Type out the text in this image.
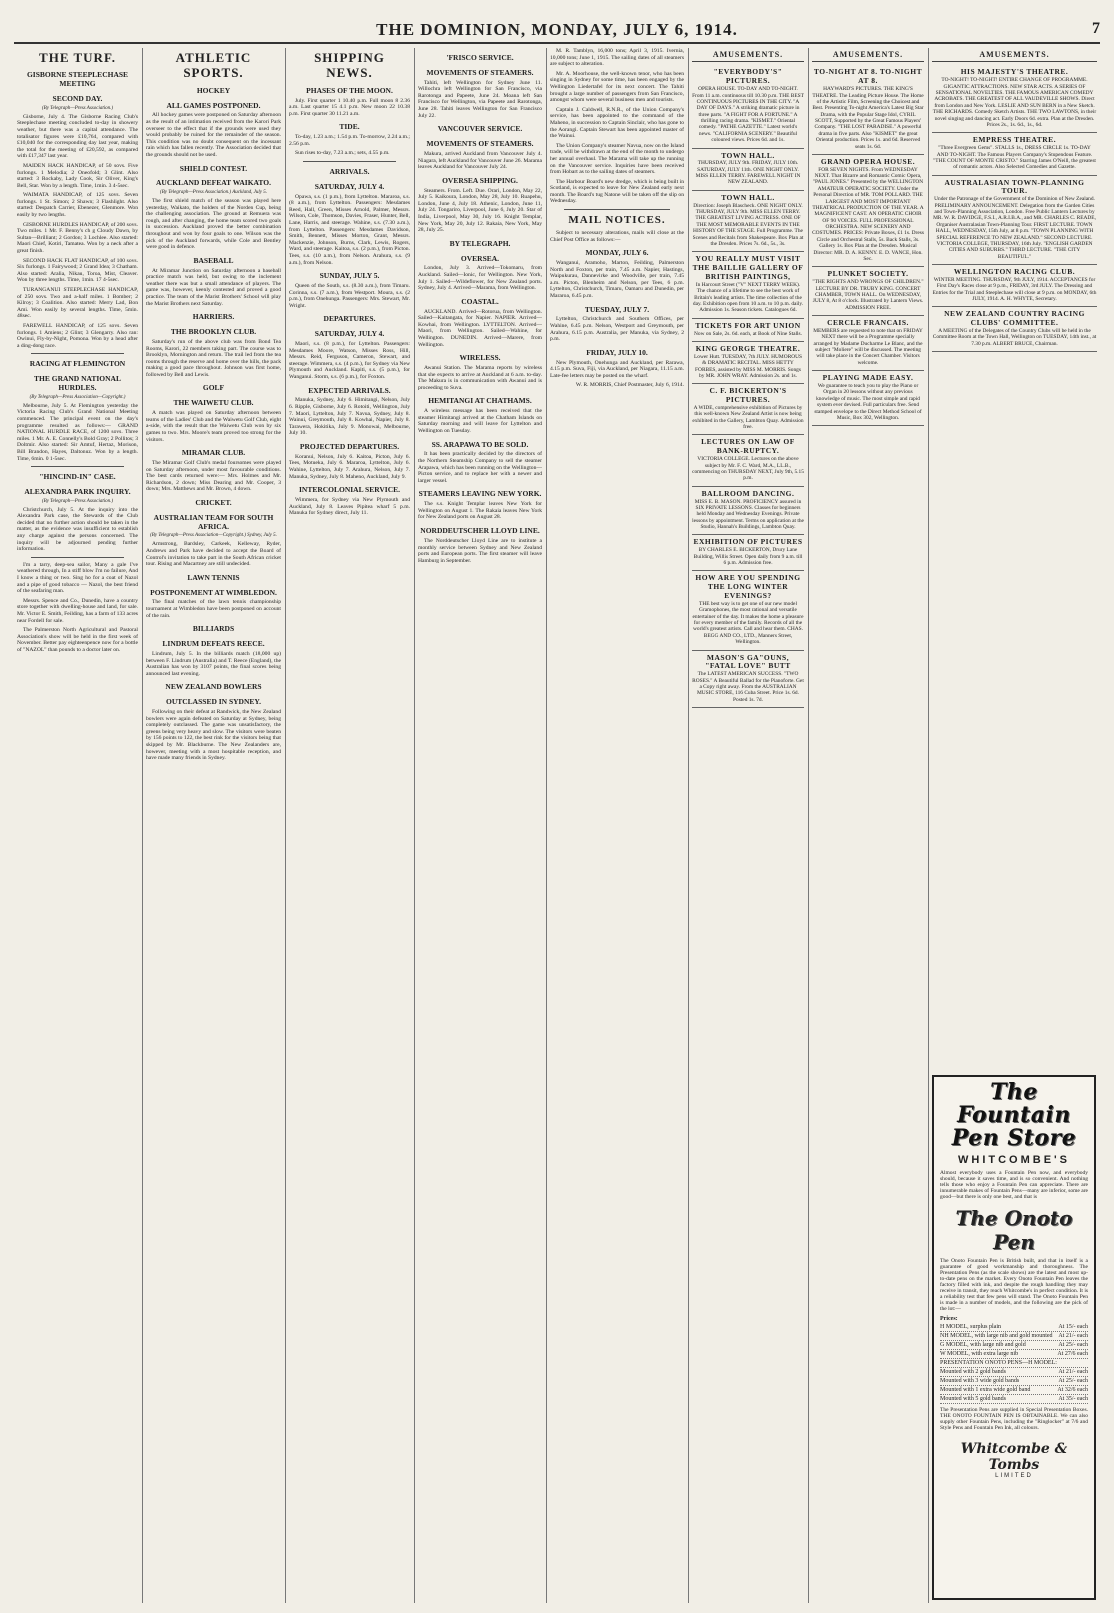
THE DOMINION, MONDAY, JULY 6, 1914.	7
THE TURF.
GISBORNE STEEPLECHASE MEETING
SECOND DAY.
(By Telegraph—Press Association.)

Gisborne, July 4. The Gisborne Racing Club's Steeplechase meeting concluded to-day in showery weather, but there was a capital attendance. The totalisator figures were £10,764, compared with £10,040 for the corresponding day last year, making the total for the meeting of £20,592, as compared with £17,347 last year.

MAIDEN HACK HANDICAP, of 50 sovs. Five furlongs. 1 Melodia; 2 Oneofold; 3 Glint. Also started: 3 Rockaby, Lady Cook, Sir Oliver, King's Bell, Star. Won by a length. Time, 1min. 3 4-5sec.

WAIMATA HANDICAP, of 125 sovs. Seven furlongs. 1 St. Simon; 2 Shawn; 3 Flashlight. Also started: Despatch Carrier, Ebenezer, Glenmore. Won easily by two lengths.

GISBORNE HURDLES HANDICAP, of 200 sovs. Two miles. 1 Mr. F. Benny's ch g Cloudy Dawn, by Sultan—Brilliant; 2 Gordon; 3 Lochlee. Also started: Maori Chief, Kotiri, Tamatea. Won by a neck after a great finish.

SECOND HACK FLAT HANDICAP, of 100 sovs. Six furlongs. 1 Fairywood; 2 Grand Idea; 3 Chatham. Also started: Aralia, Nikau, Toroa, Mist, Cleaver. Won by three lengths. Time, 1min. 17 4-5sec.

TURANGANUI STEEPLECHASE HANDICAP, of 250 sovs. Two and a-half miles. 1 Bomber; 2 Kilroy; 3 Coalition. Also started: Merry Lad, Bon Ami. Won easily by several lengths. Time, 5min. 48sec.

FAREWELL HANDICAP, of 125 sovs. Seven furlongs. 1 Amiens; 2 Glint; 3 Glengarry. Also ran: Owinui, Fly-by-Night, Pomona. Won by a head after a ding-dong race.

RACING AT FLEMINGTON
THE GRAND NATIONAL HURDLES.
(By Telegraph—Press Association—Copyright.)

Melbourne, July 5. At Flemington yesterday the Victoria Racing Club's Grand National Meeting commenced. The principal event on the day's programme resulted as follows:— GRAND NATIONAL HURDLE RACE, of 1200 sovs. Three miles. 1 Mr. A. E. Connelly's Bold Gray; 2 Pollitos; 3 Doltmir. Also started: Sir Amtuf, Hertaz, Morison, Bill Brandon, Hayes, Daltonuz. Won by a length. Time, 6min. 0 1-5sec.

"HINCIND-IN" CASE.
ALEXANDRA PARK INQUIRY.
(By Telegraph—Press Association.)

Christchurch, July 5. At the inquiry into the Alexandra Park case, the Stewards of the Club decided that no further action should be taken in the matter, as the evidence was insufficient to establish any charge against the persons concerned. The inquiry will be adjourned pending further information.

I'm a tarry, deep-sea sailor, Many a gale I've weathered through, In a stiff blow I'm no failure, And I know a thing or two. Sing ho for a coat of Nazol and a pipe of good tobacco — Nazol, the best friend of the seafaring man.

Messrs. Spence and Co., Dunedin, have a country store together with dwelling-house and land, for sale. Mr. Victor E. Smith, Feilding, has a farm of 133 acres near Fordell for sale.

The Palmerston North Agricultural and Pastoral Association's show will be held in the first week of November. Better pay eighteenpence now for a bottle of "NAZOL" than pounds to a doctor later on.

ATHLETIC SPORTS.
HOCKEY
ALL GAMES POSTPONED.

All hockey games were postponed on Saturday afternoon as the result of an intimation received from the Karori Park overseer to the effect that if the grounds were used they would probably be ruined for the remainder of the season. This condition was no doubt consequent on the incessant rain which has fallen recently. The Association decided that the grounds should not be used.

SHIELD CONTEST.
AUCKLAND DEFEAT WAIKATO.
(By Telegraph—Press Association.) Auckland, July 5.

The first shield match of the season was played here yesterday, Waikato, the holders of the Norden Cup, being the challenging association. The ground at Remuera was rough, and after changing, the home team scored two goals in succession. Auckland proved the better combination throughout and won by four goals to one. Wilson was the pick of the Auckland forwards, while Cole and Bentley were good in defence.

BASEBALL

At Miramar Junction on Saturday afternoon a baseball practice match was held, but owing to the inclement weather there was but a small attendance of players. The game was, however, keenly contested and proved a good practice. The team of the Marist Brothers' School will play the Marist Brothers next Saturday.

HARRIERS.
THE BROOKLYN CLUB.

Saturday's run of the above club was from Bond Tea Rooms, Karori, 22 members taking part. The course was to Brooklyn, Mornington and return. The trail led from the tea rooms through the reserve and home over the hills, the pack making a good pace throughout. Johnson was first home, followed by Bell and Lewis.

GOLF
THE WAIWETU CLUB.

A match was played on Saturday afternoon between teams of the Ladies' Club and the Waiwetu Golf Club, eight a-side, with the result that the Waiwetu Club won by six games to two. Mrs. Moore's team proved too strong for the visitors.

MIRAMAR CLUB.

The Miramar Golf Club's medal foursomes were played on Saturday afternoon, under most favourable conditions. The best cards returned were:— Mrs. Holmes and Mr. Richardson, 2 down; Miss Dearing and Mr. Cooper, 3 down; Mrs. Matthews and Mr. Brown, 4 down.

CRICKET.
AUSTRALIAN TEAM FOR SOUTH AFRICA.
(By Telegraph—Press Association—Copyright.) Sydney, July 5.

Armstrong, Bardsley, Carkeek, Kelleway, Ryder, Andrews and Park have decided to accept the Board of Control's invitation to take part in the South African cricket tour. Rising and Macartney are still undecided.

LAWN TENNIS
POSTPONEMENT AT WIMBLEDON.

The final matches of the lawn tennis championship tournament at Wimbledon have been postponed on account of the rain.

BILLIARDS
LINDRUM DEFEATS REECE.

Lindrum, July 5. In the billiards match (18,000 up) between F. Lindrum (Australia) and T. Reece (England), the Australian has won by 3107 points, the final scores being announced last evening.

NEW ZEALAND BOWLERS
OUTCLASSED IN SYDNEY.

Following on their defeat at Randwick, the New Zealand bowlers were again defeated on Saturday at Sydney, being completely outclassed. The game was unsatisfactory, the greens being very heavy and slow. The visitors were beaten by 156 points to 122, the best rink for the visitors being that skipped by Mr. Blackburne. The New Zealanders are, however, meeting with a most hospitable reception, and have made many friends in Sydney.

SHIPPING NEWS.
PHASES OF THE MOON.

July. First quarter 1 10.40 p.m. Full moon 8 2.36 a.m. Last quarter 15 4.1 p.m. New moon 22 10.38 p.m. First quarter 30 11.21 a.m.

TIDE.

To-day, 1.23 a.m.; 1.54 p.m. To-morrow, 2.24 a.m.; 2.56 p.m.

Sun rises to-day, 7.23 a.m.; sets, 4.55 p.m.

ARRIVALS.
SATURDAY, JULY 4.

Opawa, s.s. (1 p.m.), from Lyttelton. Mararoa, s.s. (8 a.m.), from Lyttelton. Passengers: Mesdames Reed, Hall, Green, Misses Arnold, Palmer, Messrs. Wilson, Cole, Thomson, Davies, Fraser, Hunter, Bell, Lane, Harris, and steerage. Wahine, s.s. (7.30 a.m.), from Lyttelton. Passengers: Mesdames Davidson, Smith, Bennett, Misses Morton, Grant, Messrs. Mackenzie, Johnson, Burns, Clark, Lewis, Rogers, Ward, and steerage. Kaitoa, s.s. (2 p.m.), from Picton. Tees, s.s. (10 a.m.), from Nelson. Arahura, s.s. (9 a.m.), from Nelson.

SUNDAY, JULY 5.

Queen of the South, s.s. (8.30 a.m.), from Timaru. Corinna, s.s. (7 a.m.), from Westport. Moura, s.s. (2 p.m.), from Onehunga. Passengers: Mrs. Stewart, Mr. Wright.

DEPARTURES.
SATURDAY, JULY 4.

Maori, s.s. (8 p.m.), for Lyttelton. Passengers: Mesdames Moore, Watson, Misses Ross, Hill, Messrs. Reid, Ferguson, Cameron, Stewart, and steerage. Wimmera, s.s. (4 p.m.), for Sydney via New Plymouth and Auckland. Kapiti, s.s. (5 p.m.), for Wanganui. Storm, s.s. (6 p.m.), for Foxton.

EXPECTED ARRIVALS.

Manuka, Sydney, July 6. Himitangi, Nelson, July 6. Ripple, Gisborne, July 6. Rotoiti, Wellington, July 7. Maori, Lyttelton, July 7. Navua, Sydney, July 8. Wainui, Greymouth, July 8. Kowhai, Napier, July 8. Tarawera, Hokitika, July 9. Monowai, Melbourne, July 10.

PROJECTED DEPARTURES.

Koranui, Nelson, July 6. Kaitoa, Picton, July 6. Tees, Motueka, July 6. Mararoa, Lyttelton, July 6. Wahine, Lyttelton, July 7. Arahura, Nelson, July 7. Manuka, Sydney, July 8. Maheno, Auckland, July 9.

INTERCOLONIAL SERVICE.

Wimmera, for Sydney via New Plymouth and Auckland, July 8. Leaves Pipitea wharf 5 p.m. Manuka for Sydney direct, July 11.

'FRISCO SERVICE.
MOVEMENTS OF STEAMERS.

Tahiti, left Wellington for Sydney June 11. Willochra left Wellington for San Francisco, via Rarotonga and Papeete, June 24. Moana left San Francisco for Wellington, via Papeete and Rarotonga, June 28. Tahiti leaves Wellington for San Francisco July 22.

VANCOUVER SERVICE.
MOVEMENTS OF STEAMERS.

Makura, arrived Auckland from Vancouver July 4. Niagara, left Auckland for Vancouver June 26. Marama leaves Auckland for Vancouver July 24.

OVERSEA SHIPPING.

Steamers. From. Left. Due. Orari, London, May 22, July 5. Kaikoura, London, May 28, July 10. Ruapehu, London, June 4, July 18. Athenic, London, June 11, July 24. Tongariro, Liverpool, June 6, July 20. Star of India, Liverpool, May 30, July 16. Knight Templar, New York, May 20, July 12. Rakaia, New York, May 28, July 25.

BY TELEGRAPH.
OVERSEA.

London, July 3. Arrived—Tokomaru, from Auckland. Sailed—Ionic, for Wellington. New York, July 1. Sailed—Wildeflower, for New Zealand ports. Sydney, July 4. Arrived—Marama, from Wellington.

COASTAL.

AUCKLAND. Arrived—Rotorua, from Wellington. Sailed—Kaitangata, for Napier. NAPIER. Arrived—Kowhai, from Wellington. LYTTELTON. Arrived—Maori, from Wellington. Sailed—Wahine, for Wellington. DUNEDIN. Arrived—Marere, from Wellington.

WIRELESS.

Awanui Station. The Marama reports by wireless that she expects to arrive at Auckland at 6 a.m. to-day. The Makura is in communication with Awanui and is proceeding to Suva.

HEMITANGI AT CHATHAMS.

A wireless message has been received that the steamer Himitangi arrived at the Chatham Islands on Saturday morning and will leave for Lyttelton and Wellington on Tuesday.

SS. ARAPAWA TO BE SOLD.

It has been practically decided by the directors of the Northern Steamship Company to sell the steamer Arapawa, which has been running on the Wellington—Picton service, and to replace her with a newer and larger vessel.

STEAMERS LEAVING NEW YORK.

The s.s. Knight Templar leaves New York for Wellington on August 1. The Rakaia leaves New York for New Zealand ports on August 28.

NORDDEUTSCHER LLOYD LINE.

The Norddeutscher Lloyd Line are to institute a monthly service between Sydney and New Zealand ports and European ports. The first steamer will leave Hamburg in September.

M. R. Tamblyn, 16,000 tons; April 3, 1915. Ivernia, 10,000 tons; June 1, 1915. The sailing dates of all steamers are subject to alteration.

Mr. A. Moorhouse, the well-known tenor, who has been singing in Sydney for some time, has been engaged by the Wellington Liedertafel for its next concert. The Tahiti brought a large number of passengers from San Francisco, amongst whom were several business men and tourists.

Captain J. Caldwell, R.N.R., of the Union Company's service, has been appointed to the command of the Maheno, in succession to Captain Sinclair, who has gone to the Aorangi. Captain Stewart has been appointed master of the Wainui.

The Union Company's steamer Navua, now on the Island trade, will be withdrawn at the end of the month to undergo her annual overhaul. The Marama will take up the running on the Vancouver service. Inquiries have been received from Hobart as to the sailing dates of steamers.

The Harbour Board's new dredge, which is being built in Scotland, is expected to leave for New Zealand early next month. The Board's tug Natone will be taken off the slip on Wednesday.

MAIL NOTICES.

Subject to necessary alterations, mails will close at the Chief Post Office as follows:—

MONDAY, JULY 6.

Wanganui, Aramoho, Marton, Feilding, Palmerston North and Foxton, per train, 7.45 a.m. Napier, Hastings, Waipukurau, Dannevirke and Woodville, per train, 7.45 a.m. Picton, Blenheim and Nelson, per Tees, 6 p.m. Lyttelton, Christchurch, Timaru, Oamaru and Dunedin, per Mararoa, 6.45 p.m.

TUESDAY, JULY 7.

Lyttelton, Christchurch and Southern Offices, per Wahine, 6.45 p.m. Nelson, Westport and Greymouth, per Arahura, 6.15 p.m. Australia, per Manuka, via Sydney, 2 p.m.

FRIDAY, JULY 10.

New Plymouth, Onehunga and Auckland, per Rarawa, 4.15 p.m. Suva, Fiji, via Auckland, per Niagara, 11.15 a.m. Late-fee letters may be posted on the wharf.

W. R. MORRIS, Chief Postmaster, July 6, 1914.

AMUSEMENTS.
"EVERYBODY'S" PICTURES.
OPERA HOUSE. TO-DAY AND TO-NIGHT. From 11 a.m. continuous till 10.30 p.m. THE BEST CONTINUOUS PICTURES IN THE CITY. "A DAY OF DAYS." A striking dramatic picture in three parts. "A FIGHT FOR A FORTUNE." A thrilling racing drama. "KISMET." Oriental comedy. "PATHE GAZETTE." Latest world's news. "CALIFORNIA SCENERY." Beautiful coloured views. Prices 6d. and 1s.
TOWN HALL.
THURSDAY, JULY 9th. FRIDAY, JULY 10th. SATURDAY, JULY 11th. ONE NIGHT ONLY. MISS ELLEN TERRY. FAREWELL NIGHT IN NEW ZEALAND.
TOWN HALL.
Direction: Joseph Blascheck. ONE NIGHT ONLY. THURSDAY, JULY 9th. MISS ELLEN TERRY. THE GREATEST LIVING ACTRESS. ONE OF THE MOST MEMORABLE EVENTS IN THE HISTORY OF THE STAGE. Full Programme. The Scenes and Recitals from Shakespeare. Box Plan at the Dresden. Prices 7s. 6d., 5s., 3s.
YOU REALLY MUST VISIT THE BAILLIE GALLERY OF BRITISH PAINTINGS,
In Harcourt Street ("V" NEXT TERRY WEEK). The chance of a lifetime to see the best work of Britain's leading artists. The time collection of the day. Exhibition open from 10 a.m. to 10 p.m. daily. Admission 1s. Season tickets. Catalogues 6d.
TICKETS FOR ART UNION
Now on Sale, 2s. 6d. each, at Book of Nine Stalls.
KING GEORGE THEATRE.
Lower Hutt. TUESDAY, 7th JULY. HUMOROUS & DRAMATIC RECITAL. MISS HETTY FORBES, assisted by MISS M. MORRIS. Songs by MR. JOHN WRAY. Admission 2s. and 1s.
C. F. BICKERTON'S PICTURES.
A WIDE, comprehensive exhibition of Pictures by this well-known New Zealand Artist is now being exhibited in the Gallery, Lambton Quay. Admission free.
LECTURES ON LAW OF BANK-RUPTCY.
VICTORIA COLLEGE. Lectures on the above subject by Mr. F. C. Ward, M.A., LL.B., commencing on THURSDAY NEXT, July 9th, 5.15 p.m.
BALLROOM DANCING.
MISS E. B. MASON. PROFICIENCY assured in SIX PRIVATE LESSONS. Classes for beginners held Monday and Wednesday Evenings. Private lessons by appointment. Terms on application at the Studio, Hannah's Buildings, Lambton Quay.
EXHIBITION OF PICTURES
BY CHARLES E. BICKERTON, Drury Lane Building, Willis Street. Open daily from 9 a.m. till 6 p.m. Admission free.
HOW ARE YOU SPENDING THE LONG WINTER EVENINGS?
THE best way is to get one of our new model Gramophones, the most rational and versatile entertainer of the day. It makes the home a pleasure for every member of the family. Records of all the world's greatest artists. Call and hear them. CHAS. BEGG AND CO., LTD., Manners Street, Wellington.
MASON'S GA"OUNS, "FATAL LOVE" BUTT
The LATEST AMERICAN SUCCESS. "TWO ROSES." A Beautiful Ballad for the Pianoforte. Get a Copy right away. From the AUSTRALIAN MUSIC STORE, 116 Cuba Street. Price 1s. 6d. Posted 1s. 7d.
AMUSEMENTS.
TO-NIGHT AT 8. TO-NIGHT AT 8.
HAYWARD'S PICTURES. THE KING'S THEATRE. The Leading Picture House. The Home of the Artistic Film, Screening the Choicest and Best. Presenting To-night America's Latest Big Star Drama, with the Popular Stage Idol, CYRIL SCOTT, Supported by the Great Famous Players' Company. "THE LOST PARADISE." A powerful drama in five parts. Also "KISMET" the great Oriental production. Prices 1s. and 6d. Reserved seats 1s. 6d.
GRAND OPERA HOUSE.
FOR SEVEN NIGHTS. From WEDNESDAY NEXT. That Bizarre and Romantic Comic Opera, "PAUL JONES." Presented by the WELLINGTON AMATEUR OPERATIC SOCIETY. Under the Personal Direction of MR. TOM POLLARD. THE LARGEST AND MOST IMPORTANT THEATRICAL PRODUCTION OF THE YEAR. A MAGNIFICENT CAST. AN OPERATIC CHOIR OF 90 VOICES. FULL PROFESSIONAL ORCHESTRA. NEW SCENERY AND COSTUMES. PRICES: Private Boxes, £1 1s. Dress Circle and Orchestral Stalls, 5s. Back Stalls, 3s. Gallery 1s. Box Plan at the Dresden. Musical Director: MR. D. A. KENNY. E. D. VANCE, Hon. Sec.
PLUNKET SOCIETY.
"THE RIGHTS AND WRONGS OF CHILDREN." LECTURE BY DR. TRUBY KING. CONCERT CHAMBER, TOWN HALL. On WEDNESDAY, JULY 8, At 8 o'clock. Illustrated by Lantern Views. ADMISSION FREE.
CERCLE FRANCAIS.
MEMBERS are requested to note that on FRIDAY NEXT there will be a Programme specially arranged by Madame Ducharme Le Blanc, and the subject "Moliere" will be discussed. The meeting will take place in the Concert Chamber. Visitors welcome.
PLAYING MADE EASY.
We guarantee to teach you to play the Piano or Organ in 20 lessons without any previous knowledge of music. The most simple and rapid system ever devised. Full particulars free. Send stamped envelope to the Direct Method School of Music, Box 302, Wellington.
AMUSEMENTS.
HIS MAJESTY'S THEATRE.
TO-NIGHT! TO-NIGHT! ENTIRE CHANGE OF PROGRAMME. GIGANTIC ATTRACTIONS. NEW STAR ACTS. A SERIES OF SENSATIONAL NOVELTIES. THE FAMOUS AMERICAN COMEDY ACROBATS. THE GREATEST OF ALL VAUDEVILLE SHOWS. Direct from London and New York. LESLIE AND SUN BERN in a New Sketch. THE RICHARDS. Comedy Sketch Artists. THE TWO LAWTONS, in their novel singing and dancing act. Early Doors 6d. extra. Plan at the Dresden. Prices 2s., 1s. 6d., 1s., 6d.
EMPRESS THEATRE.
"Three Evergreen Gems". STALLS 1s., DRESS CIRCLE 1s. TO-DAY AND TO-NIGHT. The Famous Players Company's Stupendous Feature. "THE COUNT OF MONTE CRISTO." Starring James O'Neill, the greatest of romantic actors. Also Selected Comedies and Gazette.
AUSTRALASIAN TOWN-PLANNING TOUR.
Under the Patronage of the Government of the Dominion of New Zealand. PRELIMINARY ANNOUNCEMENT. Delegation from the Garden Cities and Town-Planning Association, London. Free Public Lantern Lectures by MR. W. R. DAVIDGE, F.S.I., A.R.I.B.A., and MR. CHARLES C. READE, Organiser Australasian Town-Planning Tour. FIRST LECTURE. TOWN HALL, WEDNESDAY, 15th July, at 8 p.m. "TOWN PLANNING WITH SPECIAL REFERENCE TO NEW ZEALAND." SECOND LECTURE. VICTORIA COLLEGE, THURSDAY, 16th July. "ENGLISH GARDEN CITIES AND SUBURBS." THIRD LECTURE. "THE CITY BEAUTIFUL."
WELLINGTON RACING CLUB.
WINTER MEETING. THURSDAY, 9th JULY, 1914. ACCEPTANCES for First Day's Races close at 9 p.m., FRIDAY, 3rd JULY. The Dressing and Entries for the Trial and Steeplechase will close at 9 p.m. on MONDAY, 6th JULY, 1914. A. H. WHYTE, Secretary.
NEW ZEALAND COUNTRY RACING CLUBS' COMMITTEE.
A MEETING of the Delegates of the Country Clubs will be held in the Committee Room at the Town Hall, Wellington on TUESDAY, 14th inst., at 7.30 p.m. ALBERT BRUCE, Chairman.
The Fountain
Pen Store
WHITCOMBE'S
Almost everybody uses a Fountain Pen now, and everybody should, because it saves time, and is so convenient. And nothing tells those who enjoy a Fountain Pen can appreciate. There are innumerable makes of Fountain Pens—many are inferior, some are good—but there is only one best, and that is
The Onoto Pen
The Onoto Fountain Pen is British built, and that in itself is a guarantee of good workmanship and thoroughness. The Presentation Pens (as the scale shows) are the latest and most up-to-date pens on the market. Every Onoto Fountain Pen leaves the factory filled with ink, and despite the rough handling they may receive in transit, they reach Whitcombe's in perfect condition. It is a reliability test that few pens will stand. The Onoto Fountain Pen is made in a number of models, and the following are the pick of the lot:—
Prices:
H MODEL, surplus plain	At 15/- each
NH MODEL, with large nib and gold mounted At 21/- each
G MODEL, with large nib and gold	At 25/- each
W MODEL, with extra large nib	At 27/6 each
PRESENTATION ONOTO PENS—H MODEL:
Mounted with 2 gold bands	At 21/- each
Mounted with 3 wide gold bands	At 25/- each
Mounted with 1 extra wide gold band	At 32/6 each
Mounted with 5 gold bands	At 35/- each
The Presentation Pens are supplied in Special Presentation Boxes. THE ONOTO FOUNTAIN PEN IS OBTAINABLE. We can also supply other Fountain Pens, including the "Ringlocker" at 7/6 and Style Pens and Fountain Pen Ink, all colours.
Whitcombe & Tombs
LIMITED
